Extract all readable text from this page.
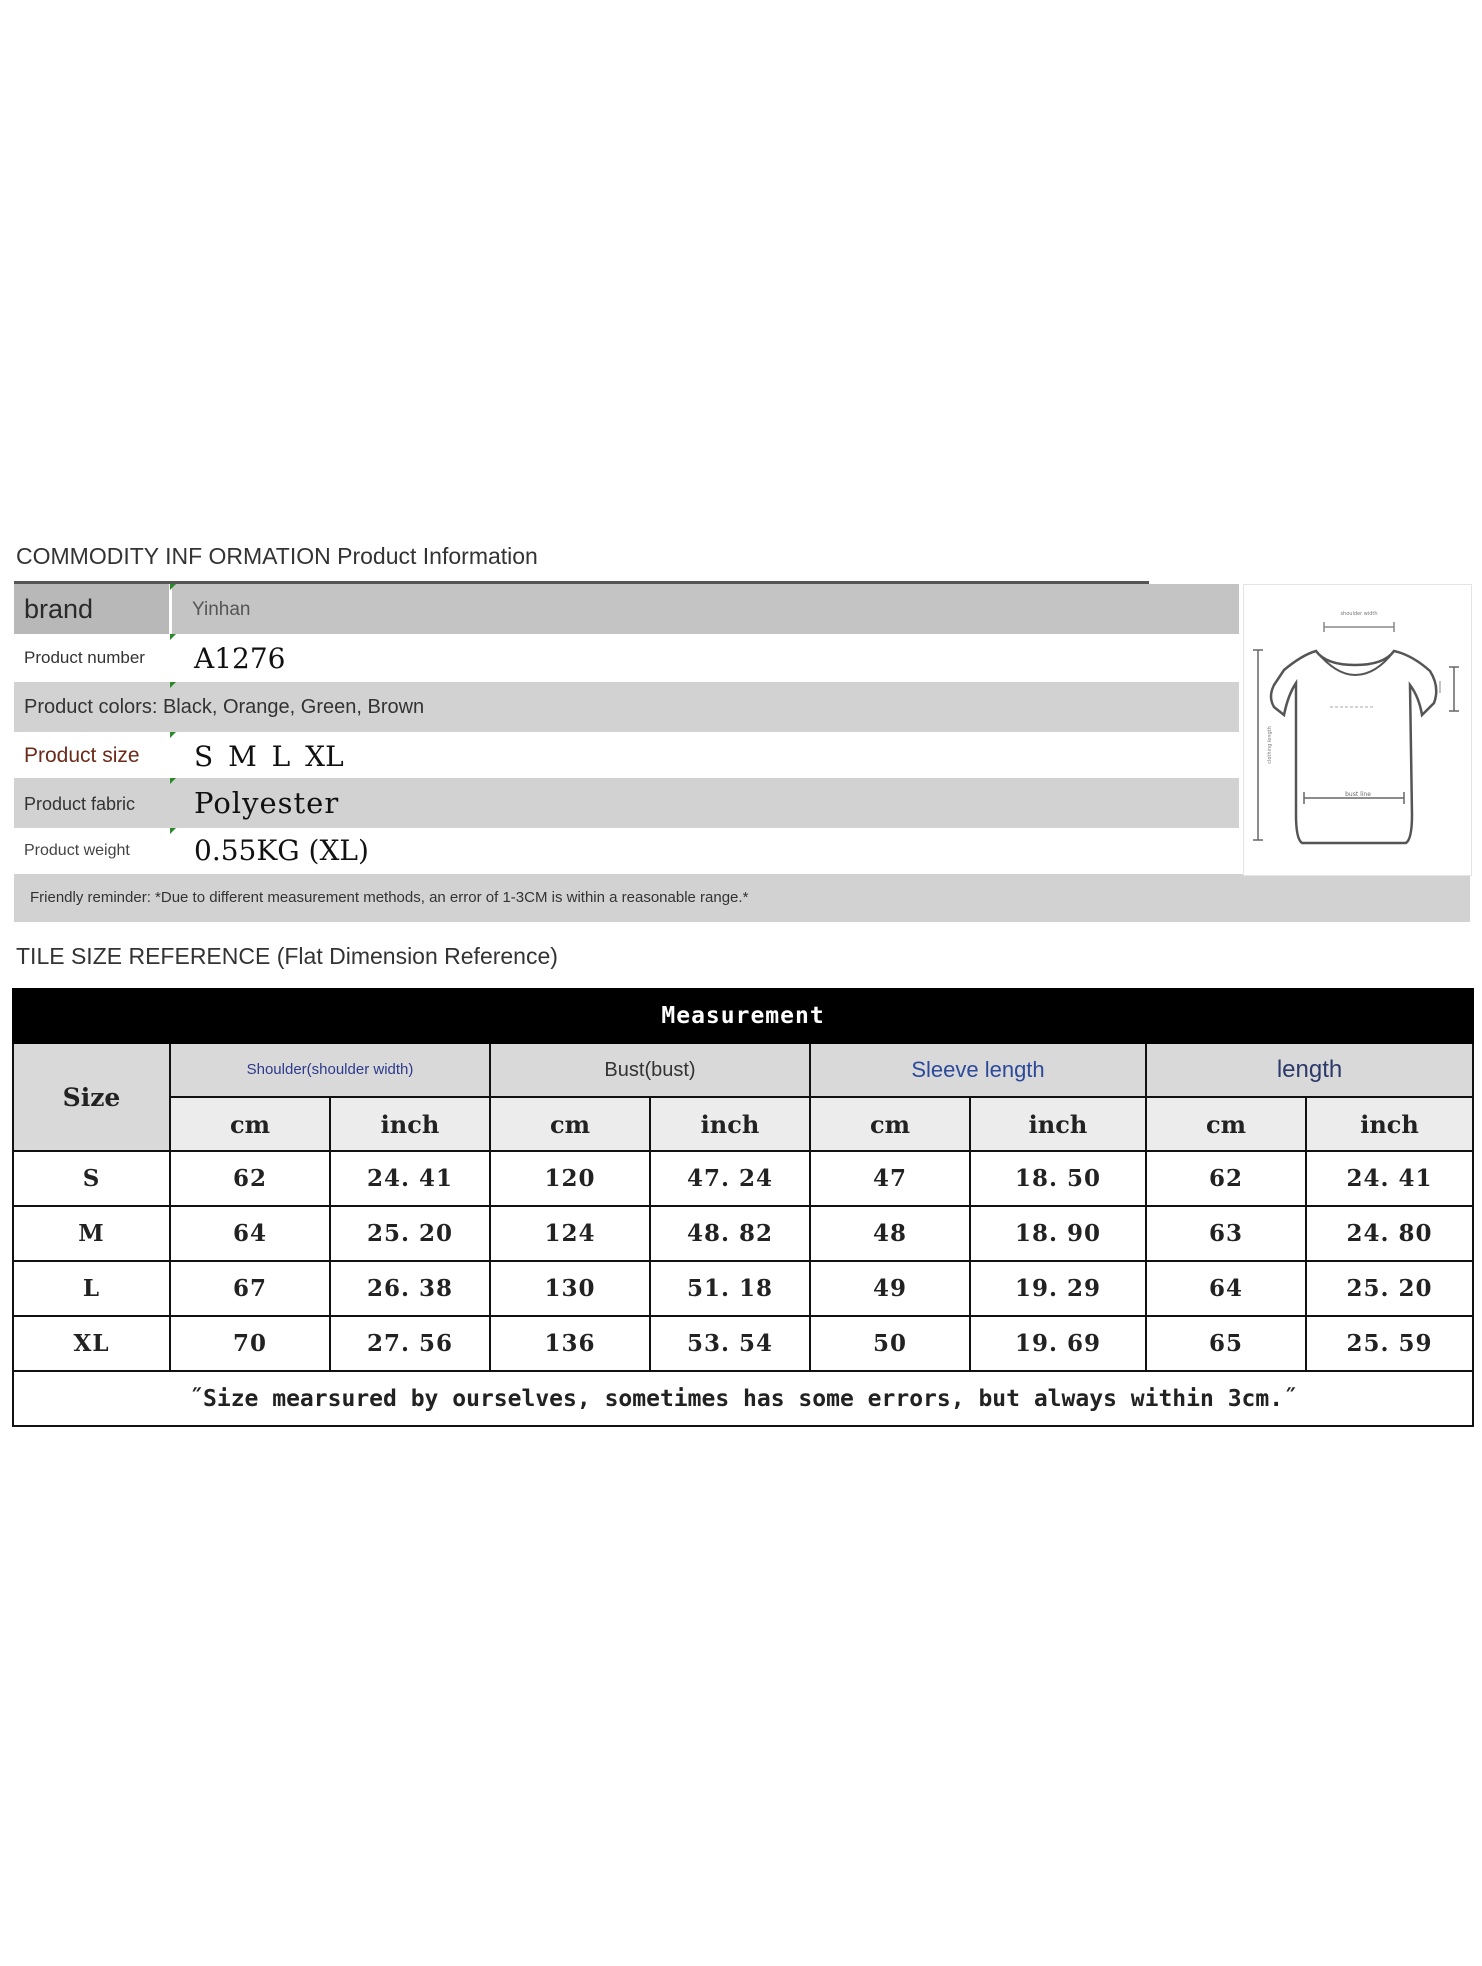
COMMODITY INF ORMATION Product Information
brand	Yinhan
Product number A1276
Product colors: Black, Orange, Green, Brown
Product size S M L XL
Product fabric Polyester
Product weight 0.55KG (XL)
Friendly reminder: *Due to different measurement methods, an error of 1-3CM is within a reasonable range.*
shoulder width
bust line
clothing length
TILE SIZE REFERENCE (Flat Dimension Reference)
Measurement								
Size	Shoulder(shoulder width)		Bust(bust)		Sleeve length		length	
	cm	inch	cm	inch	cm	inch	cm	inch
S	62	24. 41	120	47. 24	47	18. 50	62	24. 41
M	64	25. 20	124	48. 82	48	18. 90	63	24. 80
L	67	26. 38	130	51. 18	49	19. 29	64	25. 20
XL	70	27. 56	136	53. 54	50	19. 69	65	25. 59
˝Size mearsured by ourselves, sometimes has some errors, but always within 3cm.˝								
